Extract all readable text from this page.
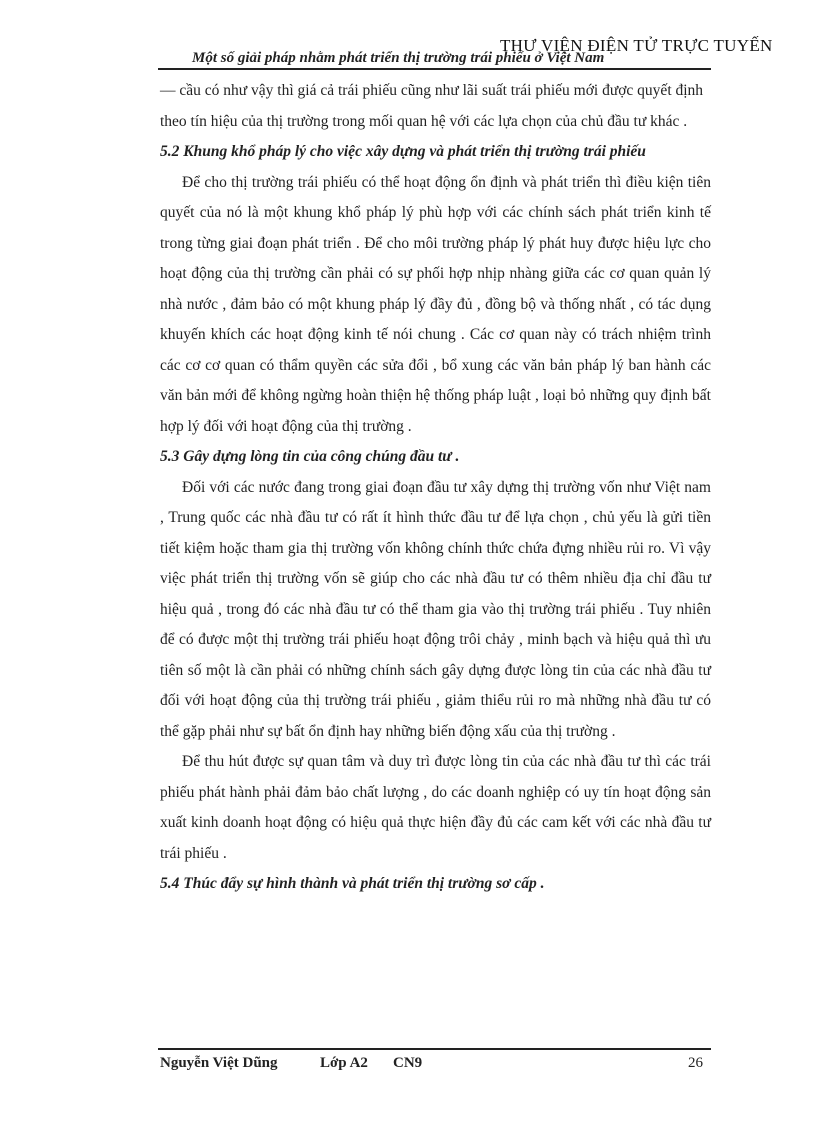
THƯ VIỆN ĐIỆN TỬ TRỰC TUYẾN
Một số giải pháp nhằm phát triển thị trường trái phiếu ở Việt Nam

— cầu có như vậy thì giá cả trái phiếu cũng như lãi suất trái phiếu mới được quyết định theo tín hiệu của thị trường trong mối quan hệ với các lựa chọn của chủ đầu tư khác .

5.2 Khung khổ pháp lý cho việc xây dựng và phát triển thị trường trái phiếu

Để cho thị trường trái phiếu có thể hoạt động ổn định và phát triển thì điều kiện tiên quyết của nó là một khung khổ pháp lý phù hợp với các chính sách phát triển kinh tế trong từng giai đoạn phát triển . Để cho môi trường pháp lý phát huy được hiệu lực cho hoạt động của thị trường cần phải có sự phối hợp nhịp nhàng giữa các cơ quan quản lý nhà nước , đảm bảo có một khung pháp lý đầy đủ , đồng bộ và thống nhất , có tác dụng khuyến khích các hoạt động kinh tế nói chung . Các cơ quan này có trách nhiệm trình các cơ cơ quan có thẩm quyền các sửa đổi , bổ xung các văn bản pháp lý ban hành các văn bản mới để không ngừng hoàn thiện hệ thống pháp luật , loại bỏ những quy định bất hợp lý đối với hoạt động của thị trường .

5.3 Gây dựng lòng tin của công chúng đầu tư .

Đối với các nước đang trong giai đoạn đầu tư xây dựng thị trường vốn như Việt nam , Trung quốc các nhà đầu tư có rất ít hình thức đầu tư để lựa chọn , chủ yếu là gửi tiền tiết kiệm hoặc tham gia thị trường vốn không chính thức chứa đựng nhiều rủi ro. Vì vậy việc phát triển thị trường vốn sẽ giúp cho các nhà đầu tư có thêm nhiều địa chỉ đầu tư hiệu quả , trong đó các nhà đầu tư có thể tham gia vào thị trường trái phiếu . Tuy nhiên để có được một thị trường trái phiếu hoạt động trôi chảy , minh bạch và hiệu quả thì ưu tiên số một là cần phải có những chính sách gây dựng được lòng tin của các nhà đầu tư đối với hoạt động của thị trường trái phiếu , giảm thiểu rủi ro mà những nhà đầu tư có thể gặp phải như sự bất ổn định hay những biến động xấu của thị trường .

Để thu hút được sự quan tâm và duy trì được lòng tin của các nhà đầu tư thì các trái phiếu phát hành phải đảm bảo chất lượng , do các doanh nghiệp có uy tín hoạt động sản xuất kinh doanh hoạt động có hiệu quả thực hiện đầy đủ các cam kết với các nhà đầu tư trái phiếu .

5.4 Thúc đẩy sự hình thành và phát triển thị trường sơ cấp .
Nguyễn Việt Dũng	Lớp A2 CN9	26
